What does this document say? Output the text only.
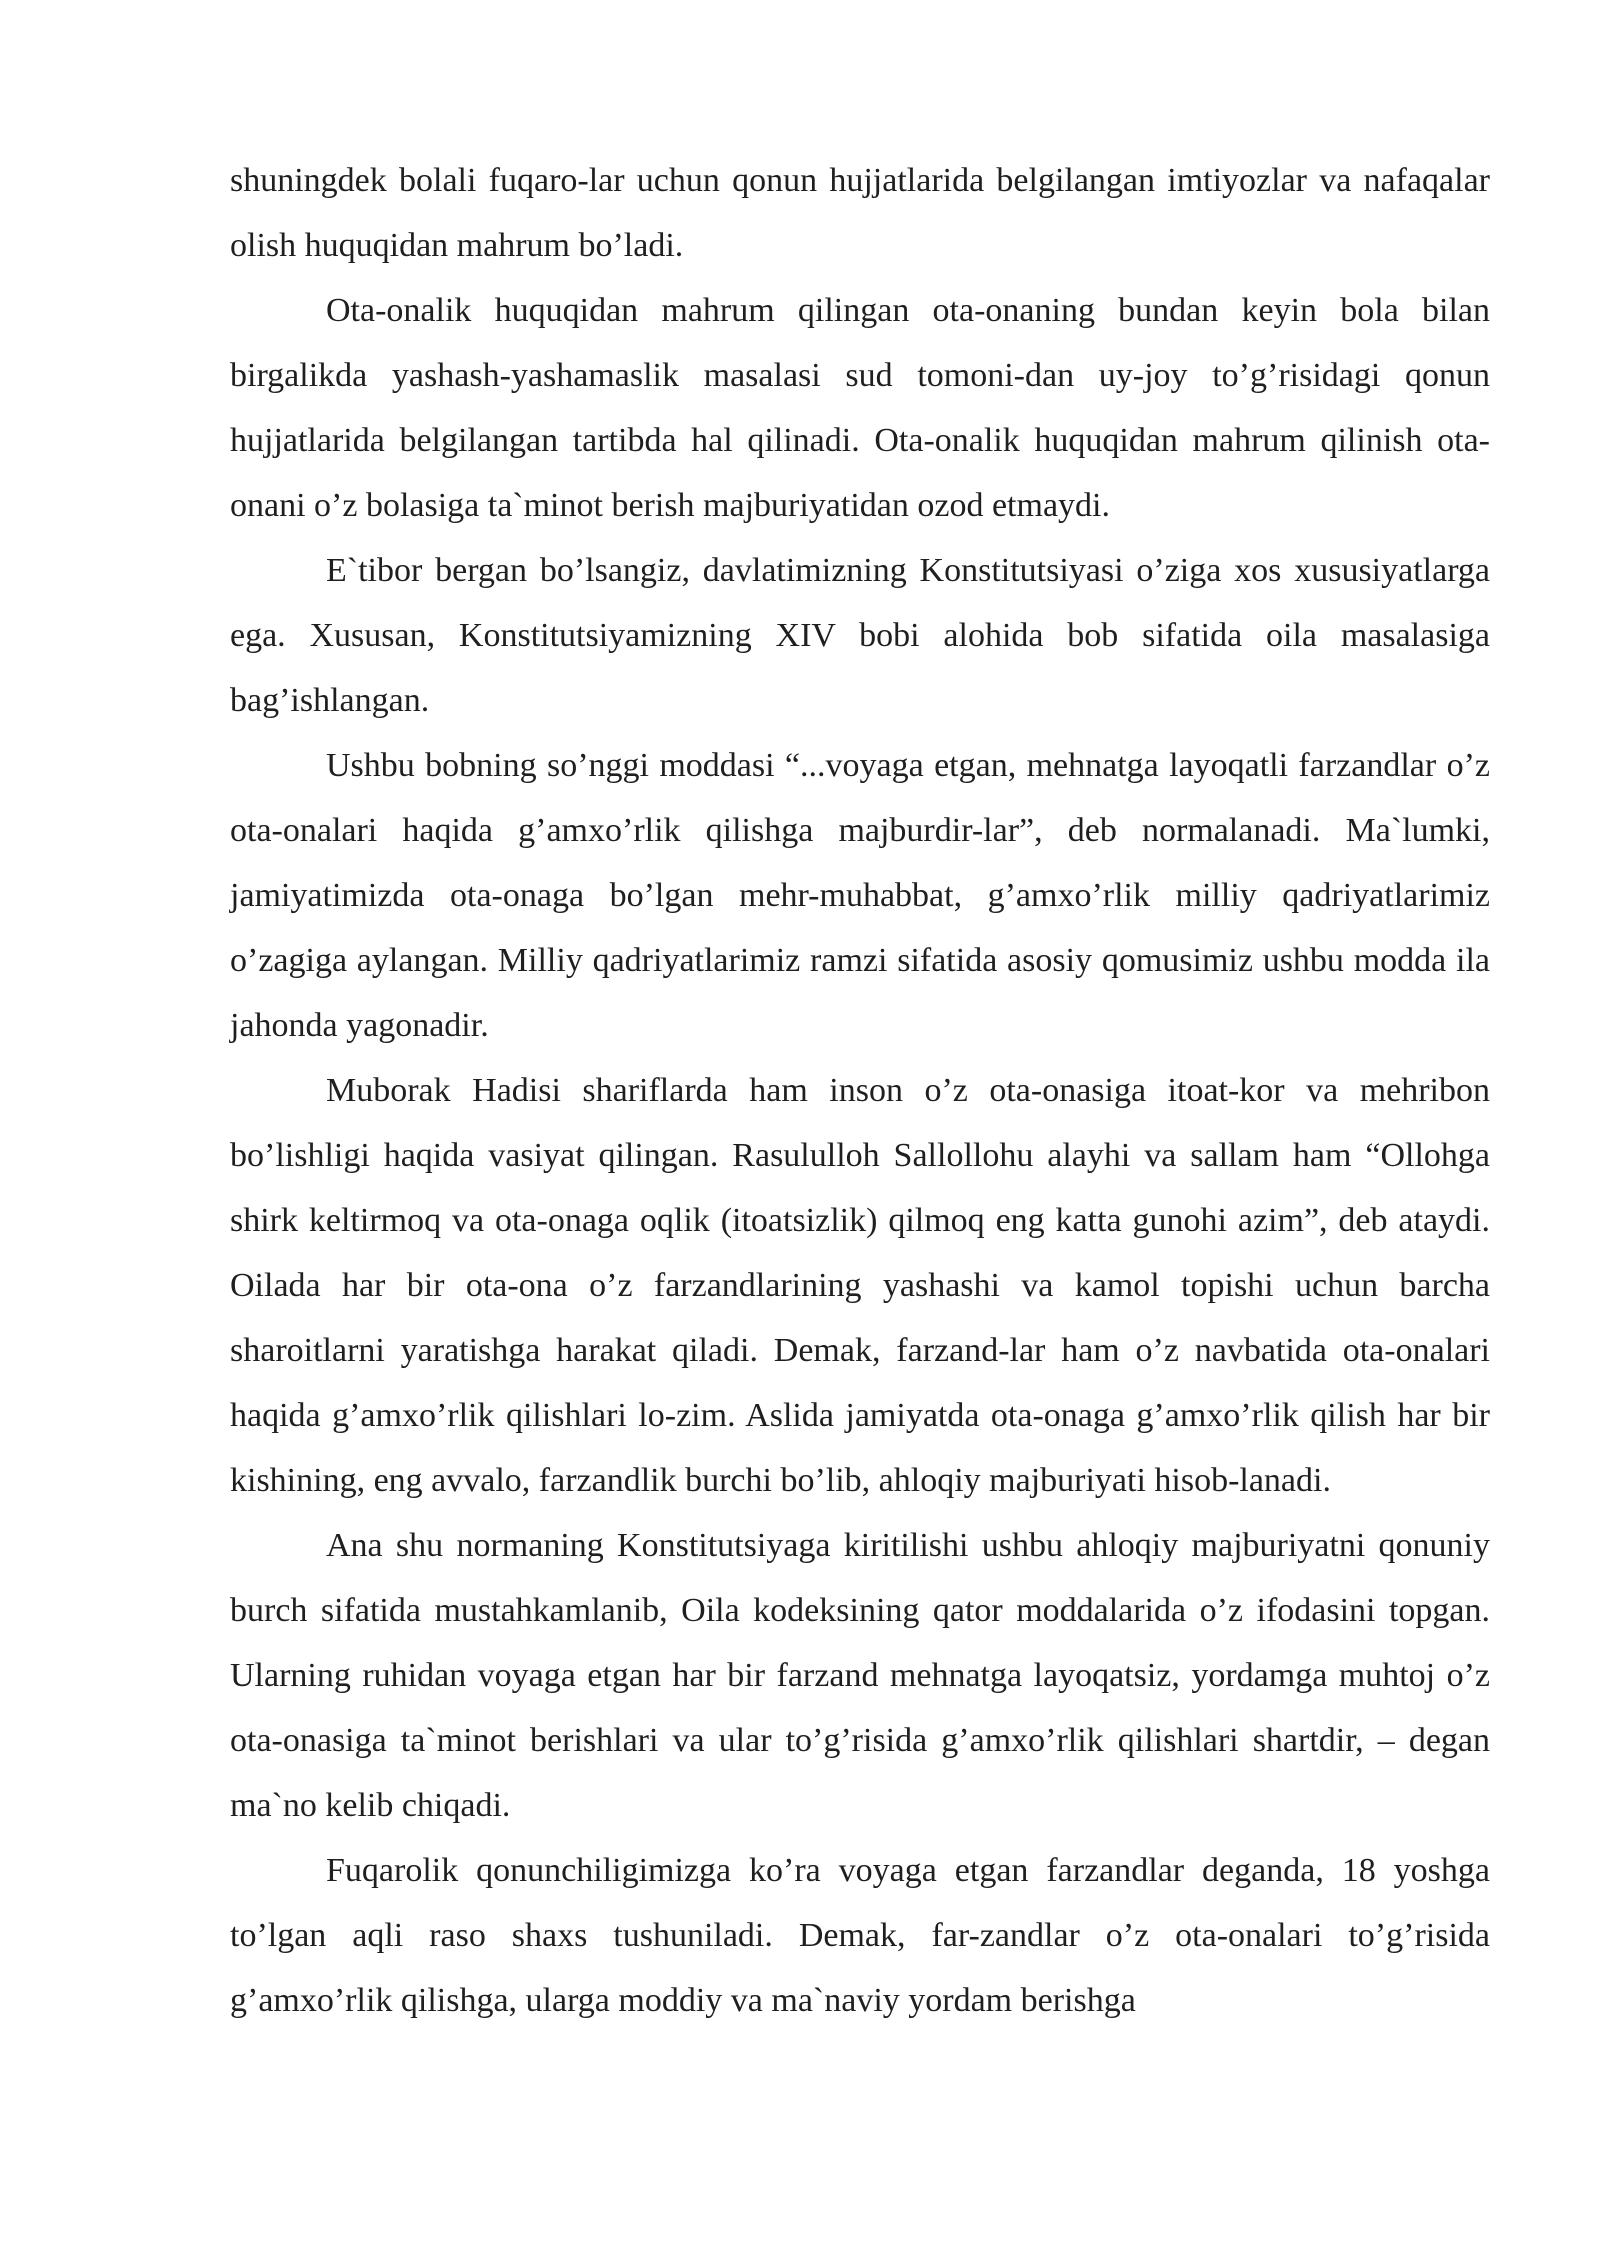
shuningdek bolali fuqaro-lar uchun qonun hujjatlarida belgilangan imtiyozlar va nafaqalar olish huquqidan mahrum bo’ladi.

Ota-onalik huquqidan mahrum qilingan ota-onaning bundan keyin bola bilan birgalikda yashash-yashamaslik masalasi sud tomoni-dan uy-joy to’g’risidagi qonun hujjatlarida belgilangan tartibda hal qilinadi. Ota-onalik huquqidan mahrum qilinish ota-onani o’z bolasiga ta`minot berish majburiyatidan ozod etmaydi.

E`tibor bergan bo’lsangiz, davlatimizning Konstitutsiyasi o’ziga xos xususiyatlarga ega. Xususan, Konstitutsiyamizning XIV bobi alohida bob sifatida oila masalasiga bag’ishlangan.

Ushbu bobning so’nggi moddasi “...voyaga etgan, mehnatga layoqatli farzandlar o’z ota-onalari haqida g’amxo’rlik qilishga majburdir-lar”, deb normalanadi. Ma`lumki, jamiyatimizda ota-onaga bo’lgan mehr-muhabbat, g’amxo’rlik milliy qadriyatlarimiz o’zagiga aylangan. Milliy qadriyatlarimiz ramzi sifatida asosiy qomusimiz ushbu modda ila jahonda yagonadir.

Muborak Hadisi shariflarda ham inson o’z ota-onasiga itoat-kor va mehribon bo’lishligi haqida vasiyat qilingan. Rasululloh Sallollohu alayhi va sallam ham “Ollohga shirk keltirmoq va ota-onaga oqlik (itoatsizlik) qilmoq eng katta gunohi azim”, deb ataydi. Oilada har bir ota-ona o’z farzandlarining yashashi va kamol topishi uchun barcha sharoitlarni yaratishga harakat qiladi. Demak, farzand-lar ham o’z navbatida ota-onalari haqida g’amxo’rlik qilishlari lo-zim. Aslida jamiyatda ota-onaga g’amxo’rlik qilish har bir kishining, eng avvalo, farzandlik burchi bo’lib, ahloqiy majburiyati hisob-lanadi.

Ana shu normaning Konstitutsiyaga kiritilishi ushbu ahloqiy majburiyatni qonuniy burch sifatida mustahkamlanib, Oila kodeksining qator moddalarida o’z ifodasini topgan. Ularning ruhidan voyaga etgan har bir farzand mehnatga layoqatsiz, yordamga muhtoj o’z ota-onasiga ta`minot berishlari va ular to’g’risida g’amxo’rlik qilishlari shartdir, – degan ma`no kelib chiqadi.

Fuqarolik qonunchiligimizga ko’ra voyaga etgan farzandlar deganda, 18 yoshga to’lgan aqli raso shaxs tushuniladi. Demak, far-zandlar o’z ota-onalari to’g’risida g’amxo’rlik qilishga, ularga moddiy va ma`naviy yordam berishga
